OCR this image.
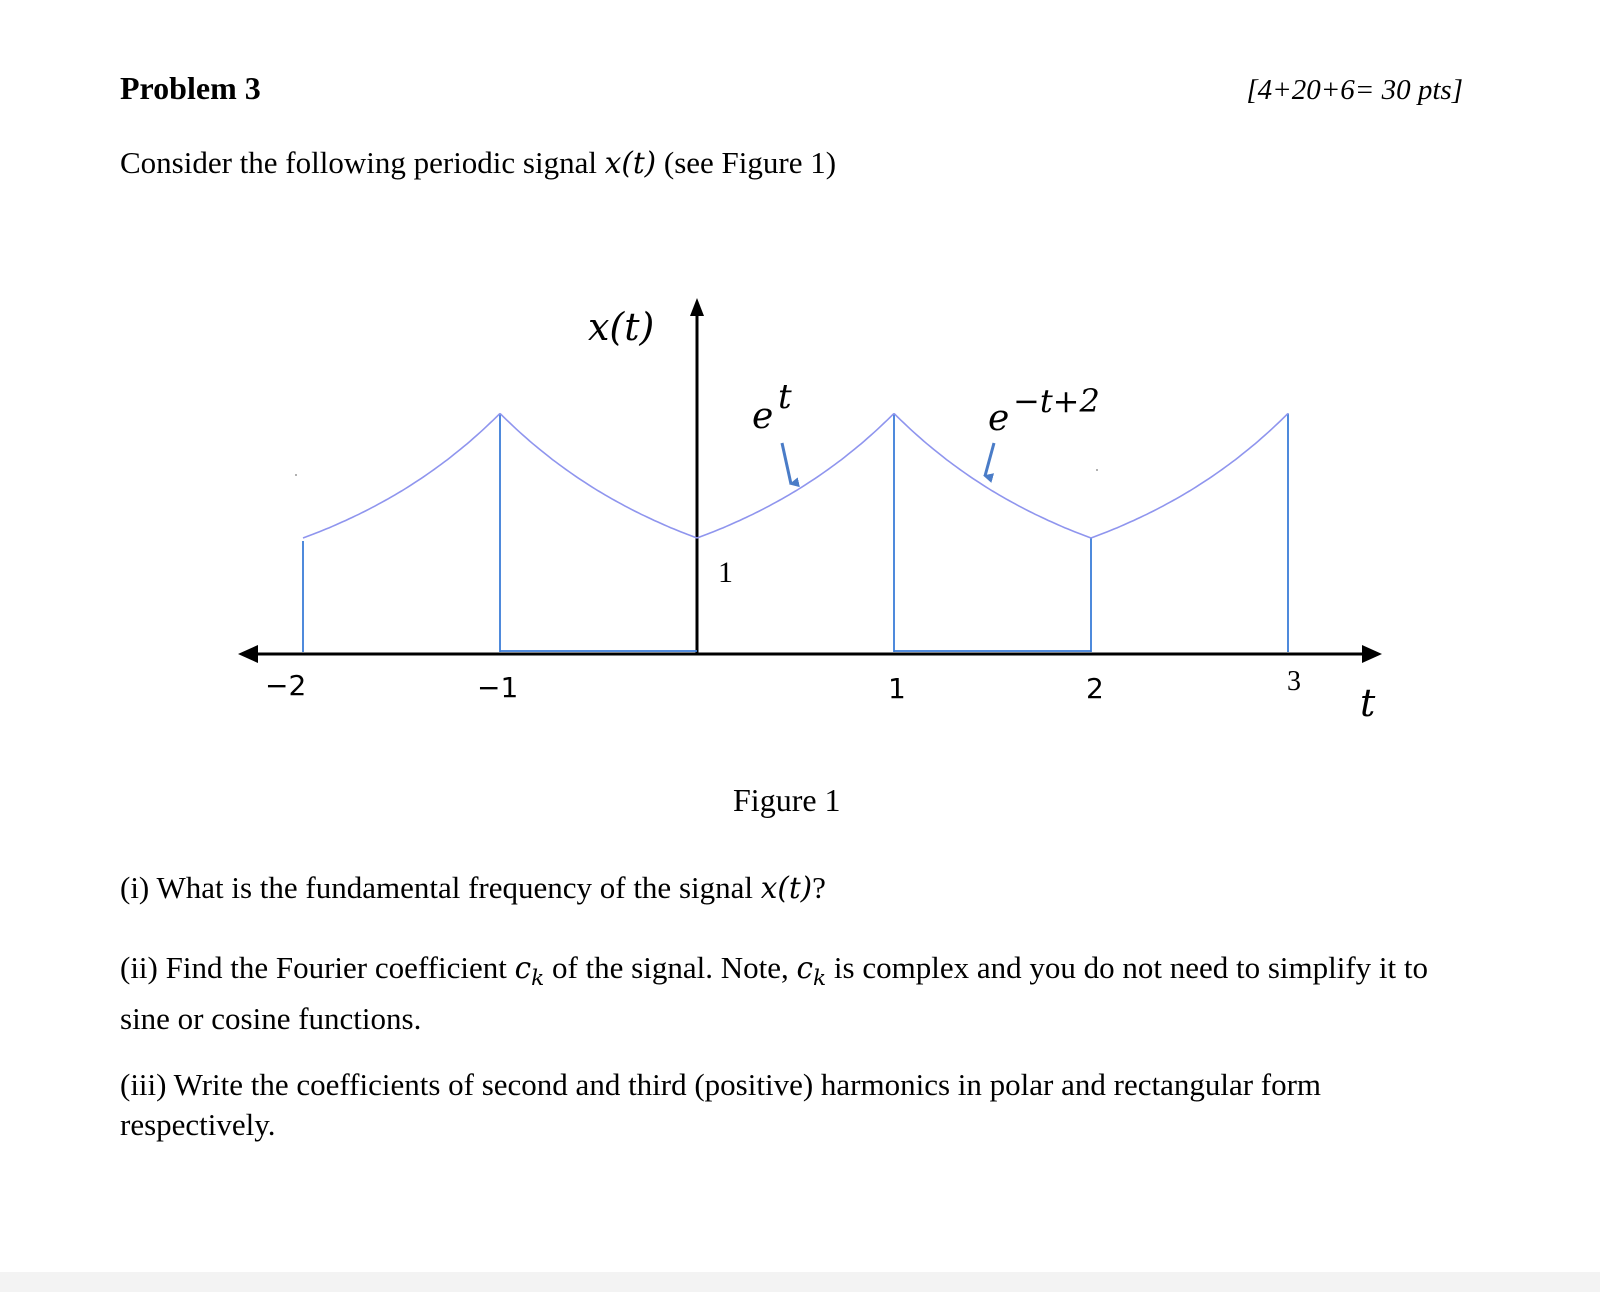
Problem 3	[4+20+6= 30 pts]
Consider the following periodic signal x(t) (see Figure 1)
x(t)
t
1
−2	−1	1	2	3
e t
e −t+2
Figure 1
(i) What is the fundamental frequency of the signal x(t)?
(ii) Find the Fourier coefficient $c_k$ of the signal. Note, $c_k$ is complex and you do not need to simplify it to sine or cosine functions.
(iii) Write the coefficients of second and third (positive) harmonics in polar and rectangular form respectively.
